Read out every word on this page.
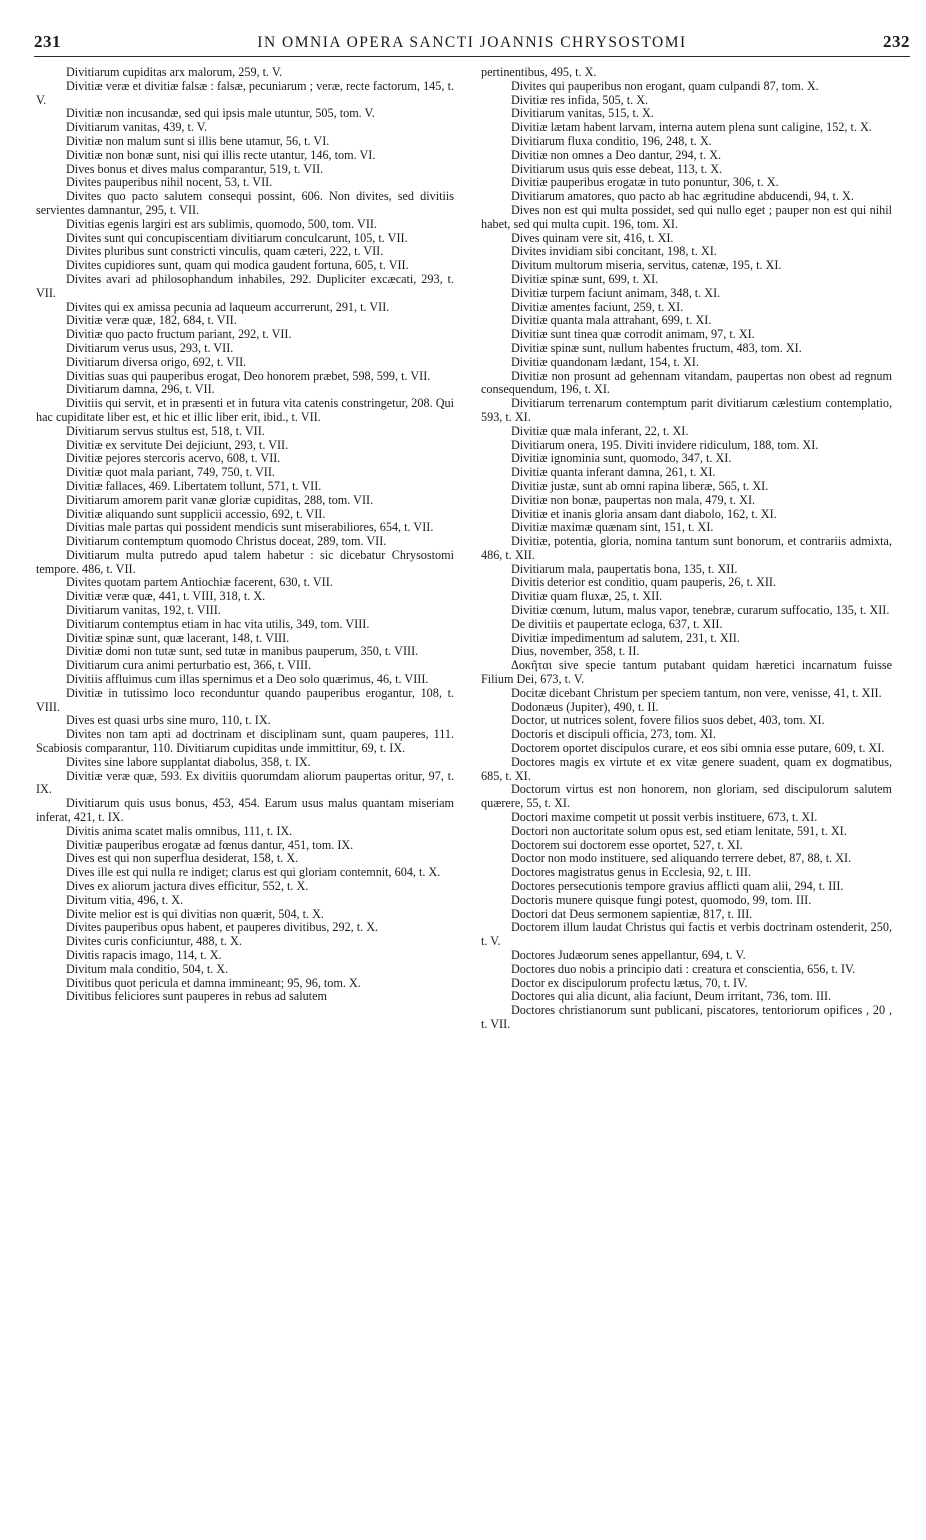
231	IN OMNIA OPERA SANCTI JOANNIS CHRYSOSTOMI	232

Divitiarum cupiditas arx malorum, 259, t. V.

Divitiæ veræ et divitiæ falsæ : falsæ, pecuniarum ; veræ, recte factorum, 145, t. V.

Divitiæ non incusandæ, sed qui ipsis male utuntur, 505, tom. V.

Divitiarum vanitas, 439, t. V.

Divitiæ non malum sunt si illis bene utamur, 56, t. VI.

Divitiæ non bonæ sunt, nisi qui illis recte utantur, 146, tom. VI.

Dives bonus et dives malus comparantur, 519, t. VII.

Divites pauperibus nihil nocent, 53, t. VII.

Divites quo pacto salutem consequi possint, 606. Non divites, sed divitiis servientes damnantur, 295, t. VII.

Divitias egenis largiri est ars sublimis, quomodo, 500, tom. VII.

Divites sunt qui concupiscentiam divitiarum conculcarunt, 105, t. VII.

Divites pluribus sunt constricti vinculis, quam cæteri, 222, t. VII.

Divites cupidiores sunt, quam qui modica gaudent fortuna, 605, t. VII.

Divites avari ad philosophandum inhabiles, 292. Dupliciter excæcati, 293, t. VII.

Divites qui ex amissa pecunia ad laqueum accurrerunt, 291, t. VII.

Divitiæ veræ quæ, 182, 684, t. VII.

Divitiæ quo pacto fructum pariant, 292, t. VII.

Divitiarum verus usus, 293, t. VII.

Divitiarum diversa origo, 692, t. VII.

Divitias suas qui pauperibus erogat, Deo honorem præbet, 598, 599, t. VII.

Divitiarum damna, 296, t. VII.

Divitiis qui servit, et in præsenti et in futura vita catenis constringetur, 208. Qui hac cupiditate liber est, et hic et illic liber erit, ibid., t. VII.

Divitiarum servus stultus est, 518, t. VII.

Divitiæ ex servitute Dei dejiciunt, 293, t. VII.

Divitiæ pejores stercoris acervo, 608, t. VII.

Divitiæ quot mala pariant, 749, 750, t. VII.

Divitiæ fallaces, 469. Libertatem tollunt, 571, t. VII.

Divitiarum amorem parit vanæ gloriæ cupiditas, 288, tom. VII.

Divitiæ aliquando sunt supplicii accessio, 692, t. VII.

Divitias male partas qui possident mendicis sunt miserabiliores, 654, t. VII.

Divitiarum contemptum quomodo Christus doceat, 289, tom. VII.

Divitiarum multa putredo apud talem habetur : sic dicebatur Chrysostomi tempore. 486, t. VII.

Divites quotam partem Antiochiæ facerent, 630, t. VII.

Divitiæ veræ quæ, 441, t. VIII, 318, t. X.

Divitiarum vanitas, 192, t. VIII.

Divitiarum contemptus etiam in hac vita utilis, 349, tom. VIII.

Divitiæ spinæ sunt, quæ lacerant, 148, t. VIII.

Divitiæ domi non tutæ sunt, sed tutæ in manibus pauperum, 350, t. VIII.

Divitiarum cura animi perturbatio est, 366, t. VIII.

Divitiis affluimus cum illas spernimus et a Deo solo quærimus, 46, t. VIII.

Divitiæ in tutissimo loco reconduntur quando pauperibus erogantur, 108, t. VIII.

Dives est quasi urbs sine muro, 110, t. IX.

Divites non tam apti ad doctrinam et disciplinam sunt, quam pauperes, 111. Scabiosis comparantur, 110. Divitiarum cupiditas unde immittitur, 69, t. IX.

Divites sine labore supplantat diabolus, 358, t. IX.

Divitiæ veræ quæ, 593. Ex divitiis quorumdam aliorum paupertas oritur, 97, t. IX.

Divitiarum quis usus bonus, 453, 454. Earum usus malus quantam miseriam inferat, 421, t. IX.

Divitis anima scatet malis omnibus, 111, t. IX.

Divitiæ pauperibus erogatæ ad fœnus dantur, 451, tom. IX.

Dives est qui non superflua desiderat, 158, t. X.

Dives ille est qui nulla re indiget; clarus est qui gloriam contemnit, 604, t. X.

Dives ex aliorum jactura dives efficitur, 552, t. X.

Divitum vitia, 496, t. X.

Divite melior est is qui divitias non quærit, 504, t. X.

Divites pauperibus opus habent, et pauperes divitibus, 292, t. X.

Divites curis conficiuntur, 488, t. X.

Divitis rapacis imago, 114, t. X.

Divitum mala conditio, 504, t. X.

Divitibus quot pericula et damna immineant; 95, 96, tom. X.

Divitibus feliciores sunt pauperes in rebus ad salutem

pertinentibus, 495, t. X.

Divites qui pauperibus non erogant, quam culpandi 87, tom. X.

Divitiæ res infida, 505, t. X.

Divitiarum vanitas, 515, t. X.

Divitiæ lætam habent larvam, interna autem plena sunt caligine, 152, t. X.

Divitiarum fluxa conditio, 196, 248, t. X.

Divitiæ non omnes a Deo dantur, 294, t. X.

Divitiarum usus quis esse debeat, 113, t. X.

Divitiæ pauperibus erogatæ in tuto ponuntur, 306, t. X.

Divitiarum amatores, quo pacto ab hac ægritudine abducendi, 94, t. X.

Dives non est qui multa possidet, sed qui nullo eget ; pauper non est qui nihil habet, sed qui multa cupit. 196, tom. XI.

Dives quinam vere sit, 416, t. XI.

Divites invidiam sibi concitant, 198, t. XI.

Divitum multorum miseria, servitus, catenæ, 195, t. XI.

Divitiæ spinæ sunt, 699, t. XI.

Divitiæ turpem faciunt animam, 348, t. XI.

Divitiæ amentes faciunt, 259, t. XI.

Divitiæ quanta mala attrahant, 699, t. XI.

Divitiæ sunt tinea quæ corrodit animam, 97, t. XI.

Divitiæ spinæ sunt, nullum habentes fructum, 483, tom. XI.

Divitiæ quandonam lædant, 154, t. XI.

Divitiæ non prosunt ad gehennam vitandam, paupertas non obest ad regnum consequendum, 196, t. XI.

Divitiarum terrenarum contemptum parit divitiarum cælestium contemplatio, 593, t. XI.

Divitiæ quæ mala inferant, 22, t. XI.

Divitiarum onera, 195. Diviti invidere ridiculum, 188, tom. XI.

Divitiæ ignominia sunt, quomodo, 347, t. XI.

Divitiæ quanta inferant damna, 261, t. XI.

Divitiæ justæ, sunt ab omni rapina liberæ, 565, t. XI.

Divitiæ non bonæ, paupertas non mala, 479, t. XI.

Divitiæ et inanis gloria ansam dant diabolo, 162, t. XI.

Divitiæ maximæ quænam sint, 151, t. XI.

Divitiæ, potentia, gloria, nomina tantum sunt bonorum, et contrariis admixta, 486, t. XII.

Divitiarum mala, paupertatis bona, 135, t. XII.

Divitis deterior est conditio, quam pauperis, 26, t. XII.

Divitiæ quam fluxæ, 25, t. XII.

Divitiæ cœnum, lutum, malus vapor, tenebræ, curarum suffocatio, 135, t. XII.

De divitiis et paupertate ecloga, 637, t. XII.

Divitiæ impedimentum ad salutem, 231, t. XII.

Dius, november, 358, t. II.

Δοκῆται sive specie tantum putabant quidam hæretici incarnatum fuisse Filium Dei, 673, t. V.

Docitæ dicebant Christum per speciem tantum, non vere, venisse, 41, t. XII.

Dodonæus (Jupiter), 490, t. II.

Doctor, ut nutrices solent, fovere filios suos debet, 403, tom. XI.

Doctoris et discipuli officia, 273, tom. XI.

Doctorem oportet discipulos curare, et eos sibi omnia esse putare, 609, t. XI.

Doctores magis ex virtute et ex vitæ genere suadent, quam ex dogmatibus, 685, t. XI.

Doctorum virtus est non honorem, non gloriam, sed discipulorum salutem quærere, 55, t. XI.

Doctori maxime competit ut possit verbis instituere, 673, t. XI.

Doctori non auctoritate solum opus est, sed etiam lenitate, 591, t. XI.

Doctorem sui doctorem esse oportet, 527, t. XI.

Doctor non modo instituere, sed aliquando terrere debet, 87, 88, t. XI.

Doctores magistratus genus in Ecclesia, 92, t. III.

Doctores persecutionis tempore gravius afflicti quam alii, 294, t. III.

Doctoris munere quisque fungi potest, quomodo, 99, tom. III.

Doctori dat Deus sermonem sapientiæ, 817, t. III.

Doctorem illum laudat Christus qui factis et verbis doctrinam ostenderit, 250, t. V.

Doctores Judæorum senes appellantur, 694, t. V.

Doctores duo nobis a principio dati : creatura et conscientia, 656, t. IV.

Doctor ex discipulorum profectu lætus, 70, t. IV.

Doctores qui alia dicunt, alia faciunt, Deum irritant, 736, tom. III.

Doctores christianorum sunt publicani, piscatores, tentoriorum opifices , 20 , t. VII.
